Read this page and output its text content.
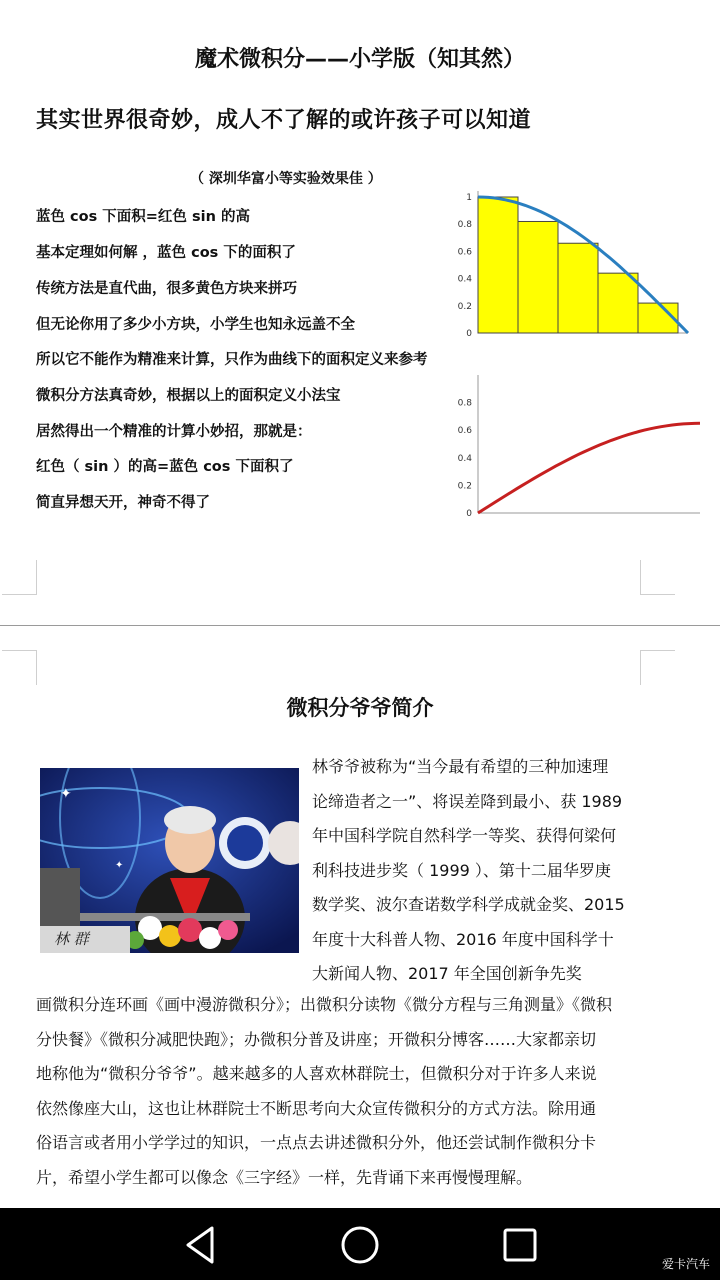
魔术微积分——小学版（知其然）
其实世界很奇妙，成人不了解的或许孩子可以知道
（ 深圳华富小等实验效果佳 ）
蓝色 cos 下面积=红色 sin 的高
基本定理如何解 ，蓝色 cos 下的面积了
传统方法是直代曲，很多黄色方块来拼巧
但无论你用了多少小方块，小学生也知永远盖不全
所以它不能作为精准来计算，只作为曲线下的面积定义来参考
微积分方法真奇妙，根据以上的面积定义小法宝
居然得出一个精准的计算小妙招，那就是：
红色（ sin ）的高=蓝色 cos 下面积了
简直异想天开，神奇不得了
0
0.2
0.4
0.6
0.8
1
0
0.2
0.4
0.6
0.8
微积分爷爷简介
✦
✦
林 群
林爷爷被称为“当今最有希望的三种加速理
论缔造者之一”、将误差降到最小、获 1989
年中国科学院自然科学一等奖、获得何梁何
利科技进步奖（ 1999 ）、第十二届华罗庚
数学奖、波尔查诺数学科学成就金奖、2015
年度十大科普人物、2016 年度中国科学十
大新闻人物、2017 年全国创新争先奖
画微积分连环画《画中漫游微积分》；出微积分读物《微分方程与三角测量》《微积
分快餐》《微积分减肥快跑》；办微积分普及讲座；开微积分博客……大家都亲切
地称他为“微积分爷爷”。越来越多的人喜欢林群院士，但微积分对于许多人来说
依然像座大山，这也让林群院士不断思考向大众宣传微积分的方式方法。除用通
俗语言或者用小学学过的知识，一点点去讲述微积分外，他还尝试制作微积分卡
片，希望小学生都可以像念《三字经》一样，先背诵下来再慢慢理解。
爱卡汽车
